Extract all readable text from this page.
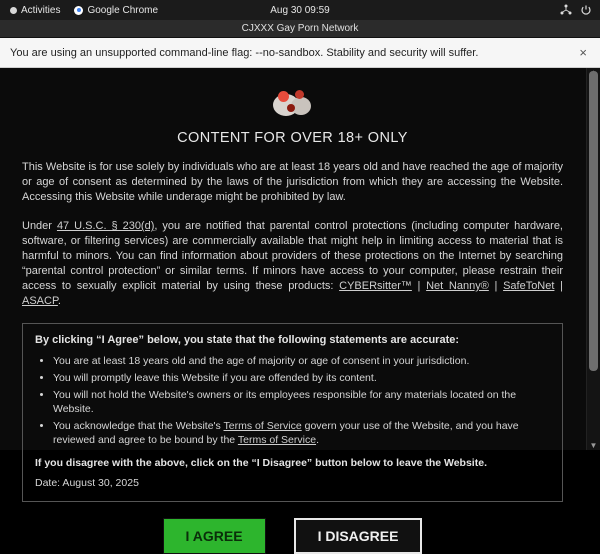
Activities	Google Chrome	Aug 30 09:59
CJXXX Gay Porn Network
You are using an unsupported command-line flag: --no-sandbox. Stability and security will suffer.	×
CONTENT FOR OVER 18+ ONLY

This Website is for use solely by individuals who are at least 18 years old and have reached the age of majority or age of consent as determined by the laws of the jurisdiction from which they are accessing the Website. Accessing this Website while underage might be prohibited by law.

Under 47 U.S.C. § 230(d), you are notified that parental control protections (including computer hardware, software, or filtering services) are commercially available that might help in limiting access to material that is harmful to minors. You can find information about providers of these protections on the Internet by searching “parental control protection” or similar terms. If minors have access to your computer, please restrain their access to sexually explicit material by using these products: CYBERsitter™ | Net Nanny® | SafeToNet | ASACP.

By clicking “I Agree” below, you state that the following statements are accurate:

• You are at least 18 years old and the age of majority or age of consent in your jurisdiction.
• You will promptly leave this Website if you are offended by its content.
• You will not hold the Website's owners or its employees responsible for any materials located on the Website.
• You acknowledge that the Website's Terms of Service govern your use of the Website, and you have reviewed and agree to be bound by the Terms of Service.

If you disagree with the above, click on the “I Disagree” button below to leave the Website.

Date: August 30, 2025

I AGREE	I DISAGREE
▼
